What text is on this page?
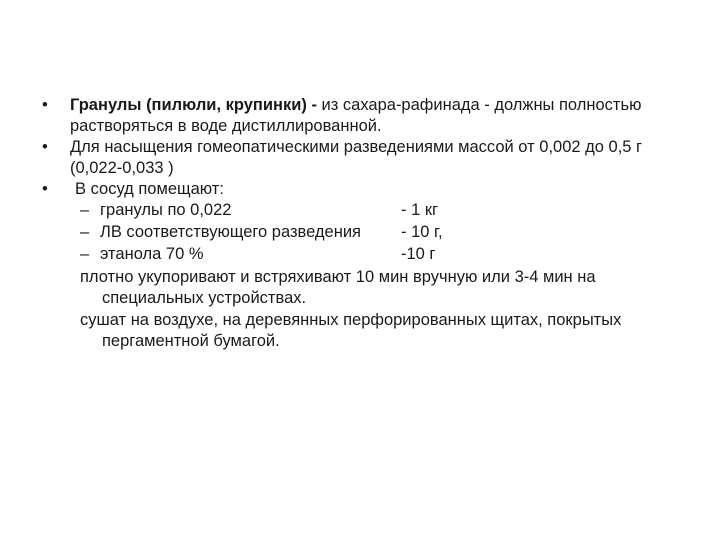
• Гранулы (пилюли, крупинки) - из сахара-рафинада - должны полностью растворяться в воде дистиллированной.
• Для насыщения гомеопатическими разведениями массой от 0,002 до 0,5 г (0,022-0,033 )
•	В сосуд помещают:
– гранулы по 0,022	- 1 кг
– ЛВ соответствующего разведения - 10 г,
– этанола 70 %	-10 г
плотно укупоривают и встряхивают 10 мин вручную или 3-4 мин на специальных устройствах.
сушат на воздухе, на деревянных перфорированных щитах, покрытых пергаментной бумагой.
